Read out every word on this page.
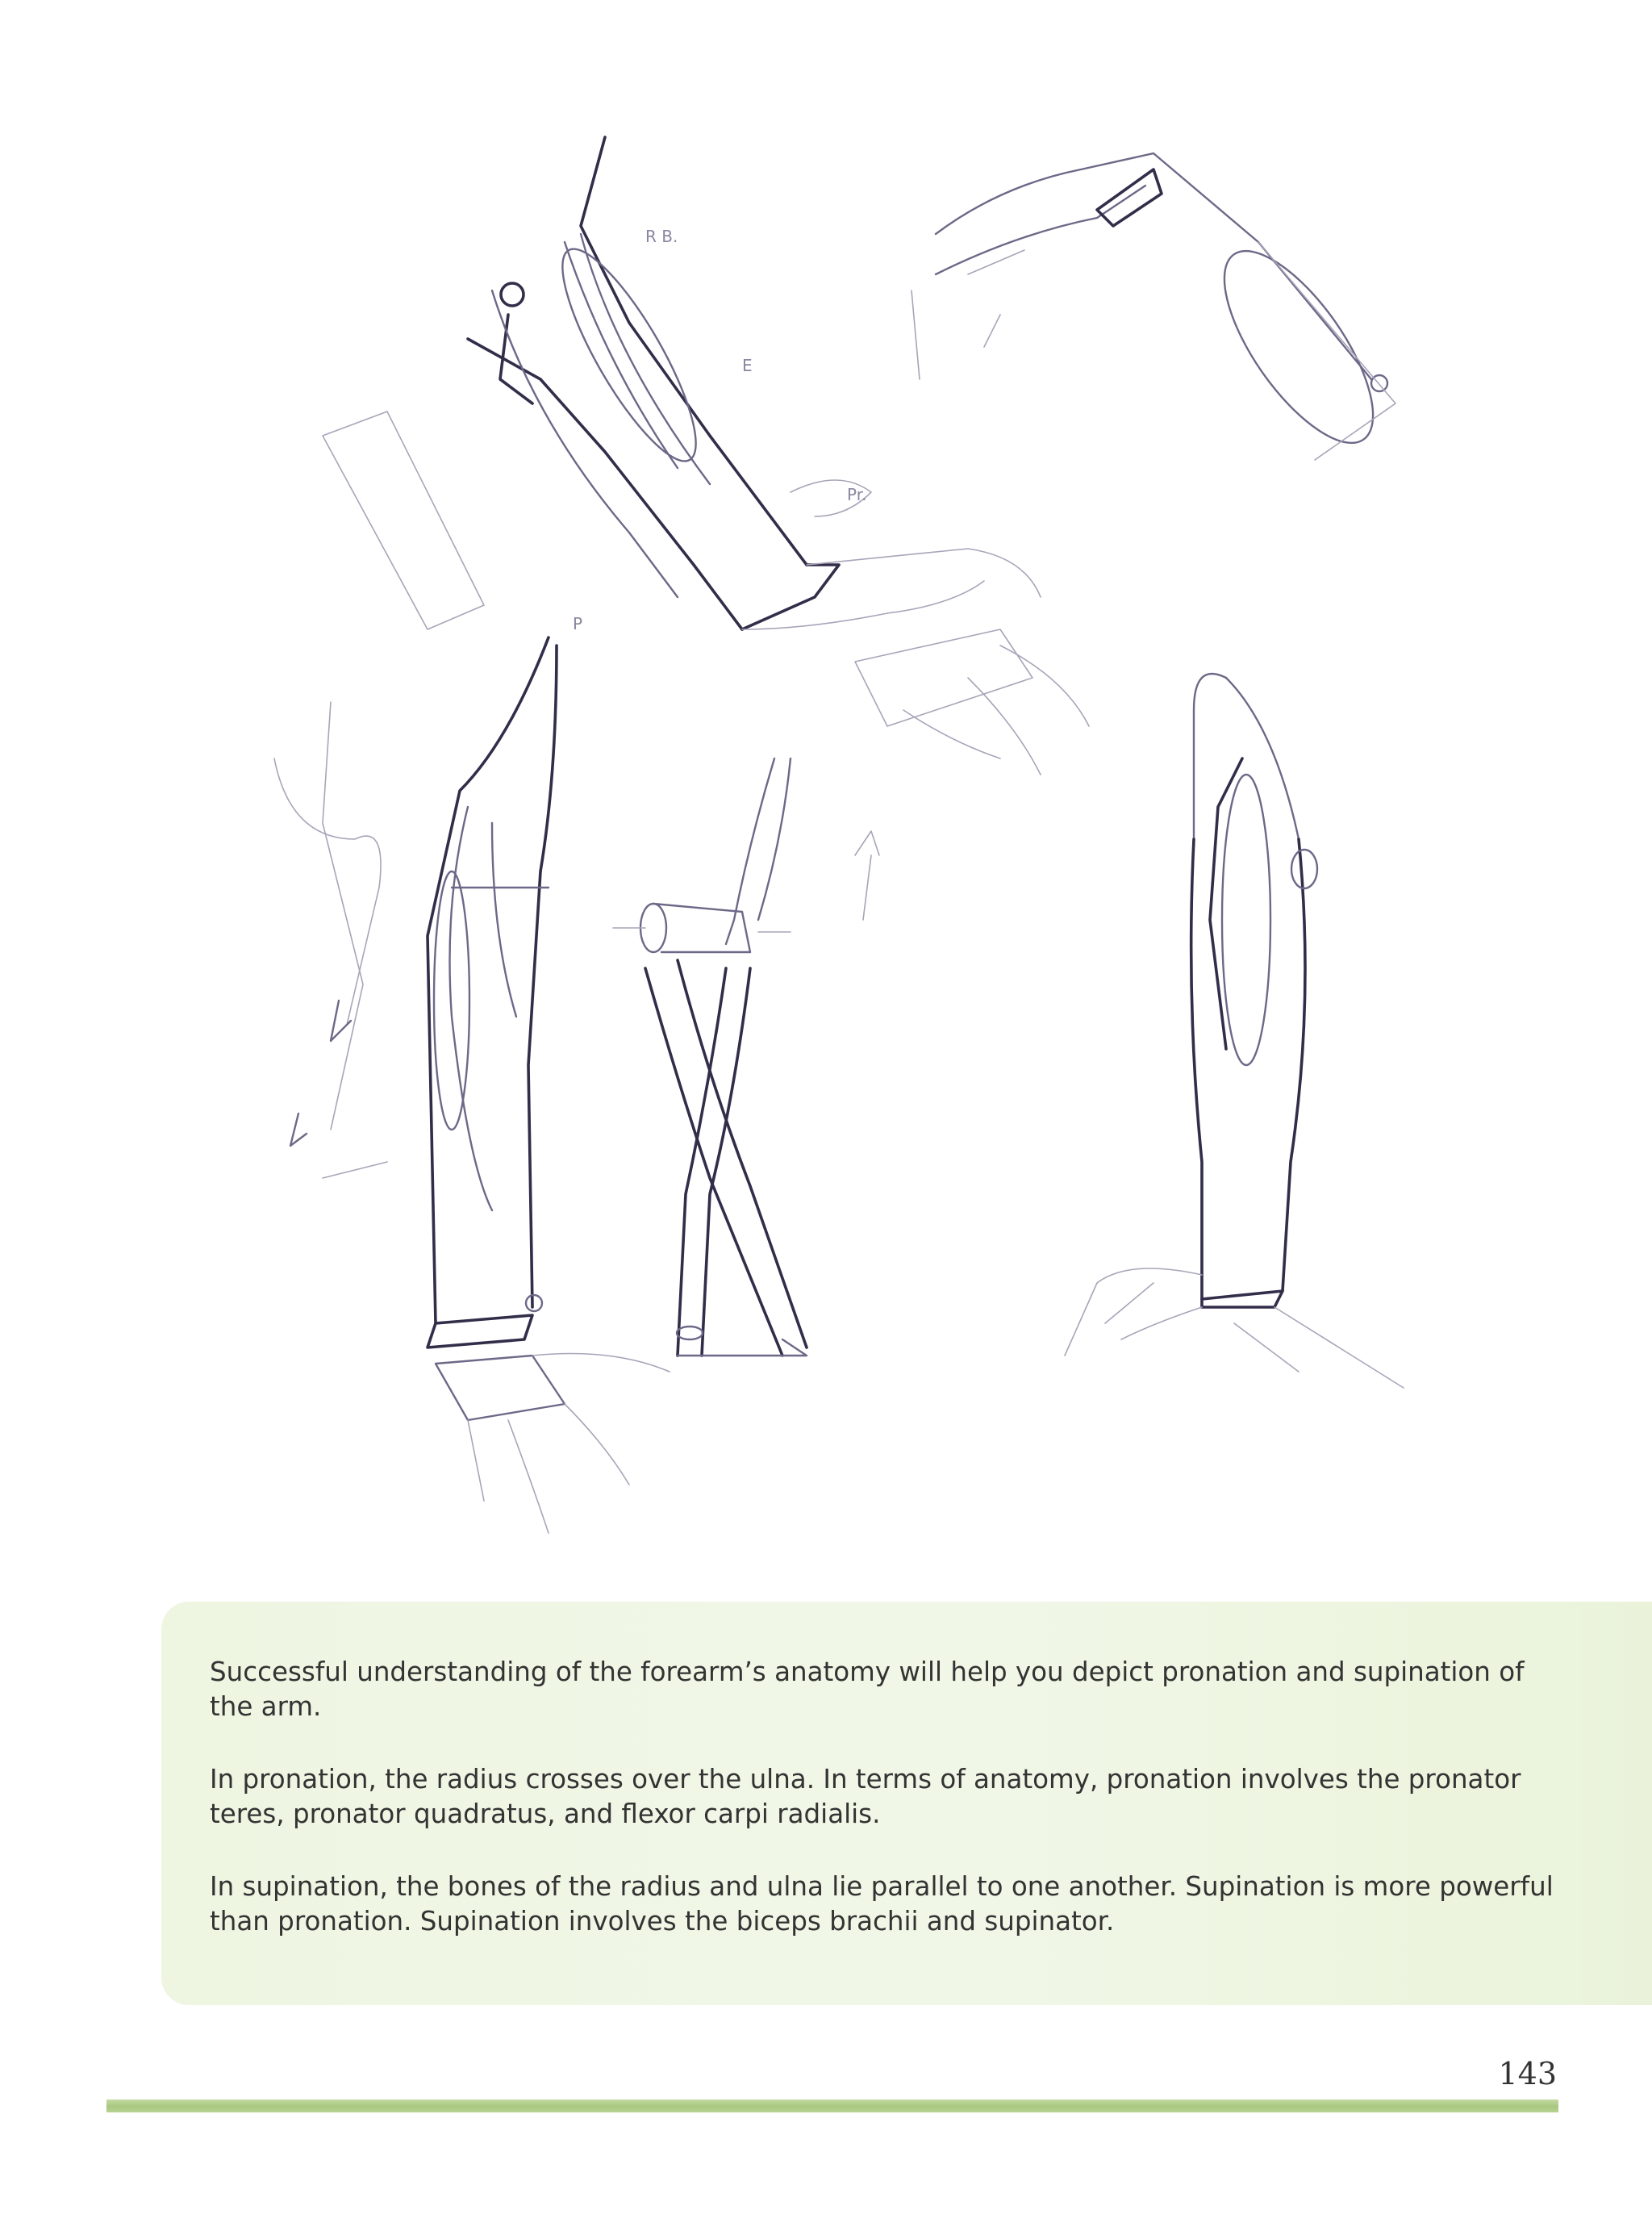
R B.
E
Pr.
P

Successful understanding of the forearm’s anatomy will help you depict pronation and supination of the arm.

In pronation, the radius crosses over the ulna. In terms of anatomy, pronation involves the pronator teres, pronator quadratus, and flexor carpi radialis.

In supination, the bones of the radius and ulna lie parallel to one another. Supination is more powerful than pronation. Supination involves the biceps brachii and supinator.

143
